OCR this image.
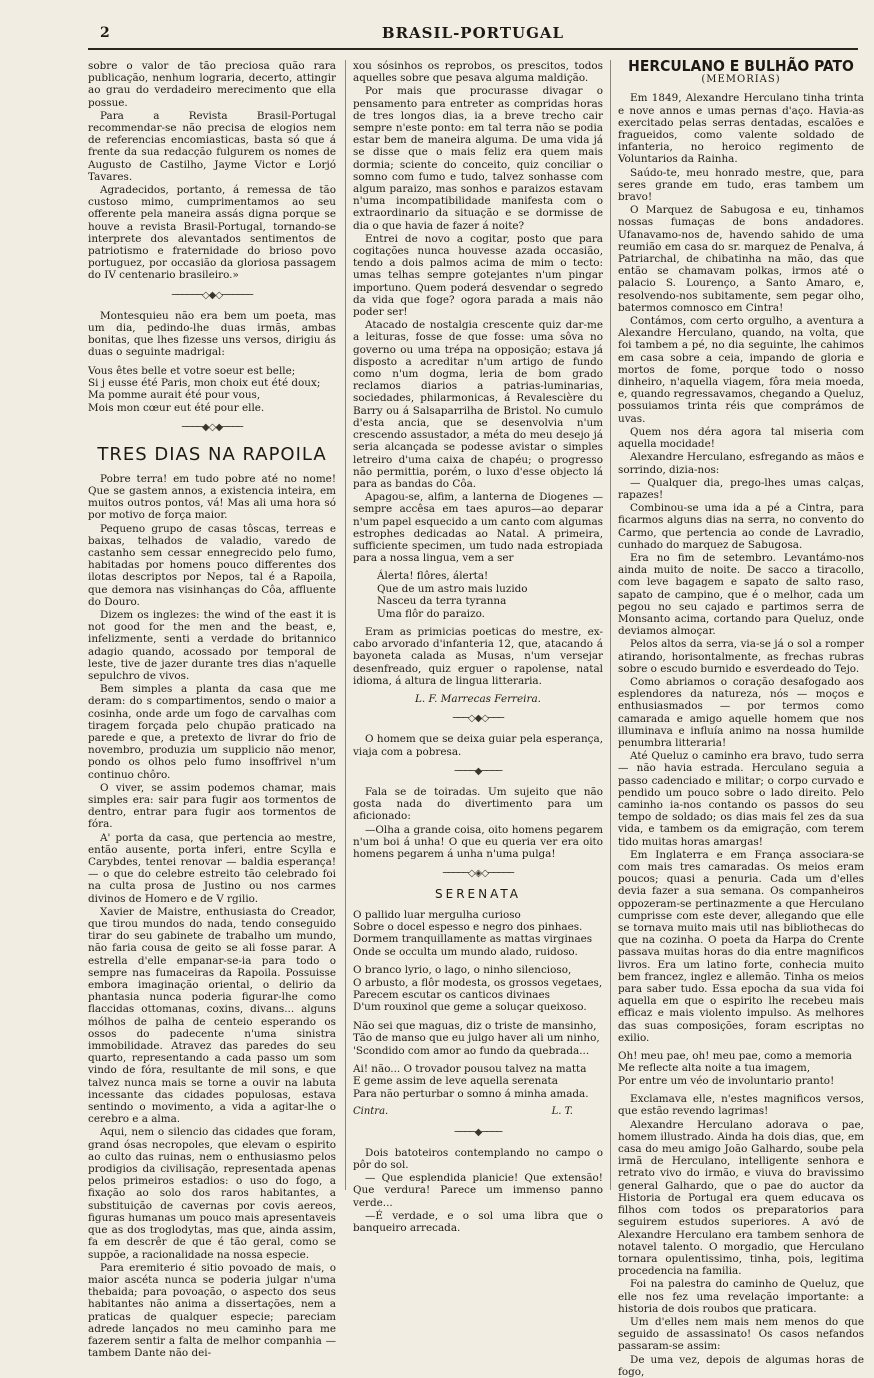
2	BRASIL-PORTUGAL

sobre o valor de tão preciosa quão rara publicação, nenhum lograria, decerto, attingir ao grau do verdadeiro merecimento que ella possue.

Para a Revista Brasil-Portugal recommendar-se não precisa de elogios nem de referencias encomiasticas, basta só que á frente da sua redacção fulgurem os nomes de Augusto de Castilho, Jayme Victor e Lorjó Tavares.

Agradecidos, portanto, á remessa de tão custoso mimo, cumprimentamos ao seu offerente pela maneira assás digna porque se houve a revista Brasil-Portugal, tornando-se interprete dos alevantados sentimentos de patriotismo e fraternidade do brioso povo portuguez, por occasião da gloriosa passagem do IV centenario brasileiro.»

──────◇◆◇──────

Montesquieu não era bem um poeta, mas um dia, pedindo-lhe duas irmãs, ambas bonitas, que lhes fizesse uns versos, dirigiu ás duas o seguinte madrigal:

Vous êtes belle et votre soeur est belle;
Si j eusse été Paris, mon choix eut été doux;
Ma pomme aurait été pour vous,
Mois mon cœur eut été pour elle.
────◆◇◆────
TRES DIAS NA RAPOILA

Pobre terra! em tudo pobre até no nome! Que se gastem annos, a existencia inteira, em muitos outros pontos, vá! Mas ali uma hora só por motivo de força maior.

Pequeno grupo de casas tôscas, terreas e baixas, telhados de valadio, varedo de castanho sem cessar ennegrecido pelo fumo, habitadas por homens pouco differentes dos ilotas descriptos por Nepos, tal é a Rapoila, que demora nas visinhanças do Côa, affluente do Douro.

Dizem os inglezes: the wind of the east it is not good for the men and the beast, e, infelizmente, senti a verdade do britannico adagio quando, acossado por temporal de leste, tive de jazer durante tres dias n'aquelle sepulchro de vivos.

Bem simples a planta da casa que me deram: do s compartimentos, sendo o maior a cosinha, onde arde um fogo de carvalhas com tiragem forçada pelo chupão praticado na parede e que, a pretexto de livrar do frio de novembro, produzia um supplicio não menor, pondo os olhos pelo fumo insoffrivel n'um continuo chôro.

O viver, se assim podemos chamar, mais simples era: sair para fugir aos tormentos de dentro, entrar para fugir aos tormentos de fóra.

A' porta da casa, que pertencia ao mestre, então ausente, porta inferi, entre Scylla e Carybdes, tentei renovar — baldia esperança! — o que do celebre estreito tão celebrado foi na culta prosa de Justino ou nos carmes divinos de Homero e de V rgilio.

Xavier de Maistre, enthusiasta do Creador, que tirou mundos do nada, tendo conseguido tirar do seu gabinete de trabalho um mundo, não faria cousa de geito se ali fosse parar. A estrella d'elle empanar-se-ia para todo o sempre nas fumaceiras da Rapoila. Possuisse embora imaginação oriental, o delirio da phantasia nunca poderia figurar-lhe como flaccidas ottomanas, coxins, divans... alguns mólhos de palha de centeio esperando os ossos do padecente n'uma sinistra immobilidade. Atravez das paredes do seu quarto, representando a cada passo um som vindo de fóra, resultante de mil sons, e que talvez nunca mais se torne a ouvir na labuta incessante das cidades populosas, estava sentindo o movimento, a vida a agitar-lhe o cerebro e a alma.

Aqui, nem o silencio das cidades que foram, grand ósas necropoles, que elevam o espirito ao culto das ruinas, nem o enthusiasmo pelos prodigios da civilisação, representada apenas pelos primeiros estadios: o uso do fogo, a fixação ao solo dos raros habitantes, a substituição de cavernas por covis aereos, figuras humanas um pouco mais apresentaveis que as dos troglodytas, mas que, ainda assim, fa em descrêr de que é tão geral, como se suppõe, a racionalidade na nossa especie.

Para eremiterio é sitio povoado de mais, o maior ascéta nunca se poderia julgar n'uma thebaida; para povoação, o aspecto dos seus habitantes não anima a dissertações, nem a praticas de qualquer especie; pareciam adrede lançados no meu caminho para me fazerem sentir a falta de melhor companhia — tambem Dante não dei-

xou sósinhos os reprobos, os prescitos, todos aquelles sobre que pesava alguma maldição.

Por mais que procurasse divagar o pensamento para entreter as compridas horas de tres longos dias, ia a breve trecho cair sempre n'este ponto: em tal terra não se podia estar bem de maneira alguma. De uma vida já se disse que o mais feliz era quem mais dormia; sciente do conceito, quiz conciliar o somno com fumo e tudo, talvez sonhasse com algum paraizo, mas sonhos e paraizos estavam n'uma incompatibilidade manifesta com o extraordinario da situação e se dormisse de dia o que havia de fazer á noite?

Entrei de novo a cogitar, posto que para cogitações nunca houvesse azada occasião, tendo a dois palmos acima de mim o tecto: umas telhas sempre gotejantes n'um pingar importuno. Quem poderá desvendar o segredo da vida que foge? ogora parada a mais não poder ser!

Atacado de nostalgia crescente quiz dar-me a leituras, fosse de que fosse: uma sôva no governo ou uma trépa na opposição; estava já disposto a acreditar n'um artigo de fundo como n'um dogma, leria de bom grado reclamos diarios a patrias-luminarias, sociedades, philarmonicas, á Revalescière du Barry ou á Salsaparrilha de Bristol. No cumulo d'esta ancia, que se desenvolvia n'um crescendo assustador, a méta do meu desejo já seria alcançada se podesse avistar o simples letreiro d'uma caixa de chapéu; o progresso não permittia, porém, o luxo d'esse objecto lá para as bandas do Côa.

Apagou-se, alfim, a lanterna de Diogenes — sempre accêsa em taes apuros—ao deparar n'um papel esquecido a um canto com algumas estrophes dedicadas ao Natal. A primeira, sufficiente specimen, um tudo nada estropiada para a nossa lingua, vem a ser

Álerta! flôres, álerta!
Que de um astro mais luzido
Nasceu da terra tyranna
Uma flôr do paraizo.

Eram as primicias poeticas do mestre, ex-cabo arvorado d'infanteria 12, que, atacando á bayoneta calada as Musas, n'um versejar desenfreado, quiz erguer o rapolense, natal idioma, á altura de lingua litteraria.

L. F. Marrecas Ferreira.
───◇◆◇───

O homem que se deixa guiar pela esperança, viaja com a pobresa.

────◆────

Fala se de toiradas. Um sujeito que não gosta nada do divertimento para um aficionado:

—Olha a grande coisa, oito homens pegarem n'um boi á unha! O que eu queria ver era oito homens pegarem á unha n'uma pulga!

─────◇◈◇─────
SERENATA
O pallido luar mergulha curioso
Sobre o docel espesso e negro dos pinhaes.
Dormem tranquillamente as mattas virginaes
Onde se occulta um mundo alado, ruidoso.
O branco lyrio, o lago, o ninho silencioso,
O arbusto, a flôr modesta, os grossos vegetaes,
Parecem escutar os canticos divinaes
D'um rouxinol que geme a soluçar queixoso.
Não sei que maguas, diz o triste de mansinho,
Tão de manso que eu julgo haver ali um ninho,
'Scondido com amor ao fundo da quebrada...
Ai! não... O trovador pousou talvez na matta
E geme assim de leve aquella serenata
Para não perturbar o somno á minha amada.
Cintra.	L. T.
────◆────

Dois batoteiros contemplando no campo o pôr do sol.

— Que esplendida planicie! Que extensão! Que verdura! Parece um immenso panno verde...

—É verdade, e o sol uma libra que o banqueiro arrecada.

HERCULANO E BULHÃO PATO
(MEMORIAS)

Em 1849, Alexandre Herculano tinha trinta e nove annos e umas pernas d'aço. Havia-as exercitado pelas serras dentadas, escalões e fragueidos, como valente soldado de infanteria, no heroico regimento de Voluntarios da Rainha.

Saúdo-te, meu honrado mestre, que, para seres grande em tudo, eras tambem um bravo!

O Marquez de Sabugosa e eu, tinhamos nossas fumaças de bons andadores. Ufanavamo-nos de, havendo sahido de uma reumião em casa do sr. marquez de Penalva, á Patriarchal, de chibatinha na mão, das que então se chamavam polkas, irmos até o palacio S. Lourenço, a Santo Amaro, e, resolvendo-nos subitamente, sem pegar olho, batermos comnosco em Cintra!

Contámos, com certo orgulho, a aventura a Alexandre Herculano, quando, na volta, que foi tambem a pé, no dia seguinte, lhe cahimos em casa sobre a ceia, impando de gloria e mortos de fome, porque todo o nosso dinheiro, n'aquella viagem, fôra meia moeda, e, quando regressavamos, chegando a Queluz, possuiamos trinta réis que comprámos de uvas.

Quem nos déra agora tal miseria com aquella mocidade!

Alexandre Herculano, esfregando as mãos e sorrindo, dizia-nos:

— Qualquer dia, prego-lhes umas calças, rapazes!

Combinou-se uma ida a pé a Cintra, para ficarmos alguns dias na serra, no convento do Carmo, que pertencia ao conde de Lavradio, cunhado do marquez de Sabugosa.

Era no fim de setembro. Levantámo-nos ainda muito de noite. De sacco a tiracollo, com leve bagagem e sapato de salto raso, sapato de campino, que é o melhor, cada um pegou no seu cajado e partimos serra de Monsanto acima, cortando para Queluz, onde deviamos almoçar.

Pelos altos da serra, via-se já o sol a romper atirando, horisontalmente, as frechas rubras sobre o escudo burnido e esverdeado do Tejo.

Como abriamos o coração desafogado aos esplendores da natureza, nós — moços e enthusiasmados — por termos como camarada e amigo aquelle homem que nos illuminava e influía animo na nossa humilde penumbra litteraria!

Até Queluz o caminho era bravo, tudo serra — não havia estrada. Herculano seguia a passo cadenciado e militar; o corpo curvado e pendido um pouco sobre o lado direito. Pelo caminho ia-nos contando os passos do seu tempo de soldado; os dias mais fel zes da sua vida, e tambem os da emigração, com terem tido muitas horas amargas!

Em Inglaterra e em França associara-se com mais tres camaradas. Os meios eram poucos; quasi a penuria. Cada um d'elles devia fazer a sua semana. Os companheiros oppozeram-se pertinazmente a que Herculano cumprisse com este dever, allegando que elle se tornava muito mais util nas bibliothecas do que na cozinha. O poeta da Harpa do Crente passava muitas horas do dia entre magnificos livros. Era um latino forte, conhecia muito bem francez, inglez e allemão. Tinha os meios para saber tudo. Essa epocha da sua vida foi aquella em que o espirito lhe recebeu mais efficaz e mais violento impulso. As melhores das suas composições, foram escriptas no exilio.

Oh! meu pae, oh! meu pae, como a memoria
Me reflecte alta noite a tua imagem,
Por entre um véo de involuntario pranto!

Exclamava elle, n'estes magnificos versos, que estão revendo lagrimas!

Alexandre Herculano adorava o pae, homem illustrado. Ainda ha dois dias, que, em casa do meu amigo João Galhardo, soube pela irmã de Herculano, intelligente senhora e retrato vivo do irmão, e viuva do bravissimo general Galhardo, que o pae do auctor da Historia de Portugal era quem educava os filhos com todos os preparatorios para seguirem estudos superiores. A avó de Alexandre Herculano era tambem senhora de notavel talento. O morgadio, que Herculano tornara opulentissimo, tinha, pois, legitima procedencia na familia.

Foi na palestra do caminho de Queluz, que elle nos fez uma revelação importante: a historia de dois roubos que praticara.

Um d'elles nem mais nem menos do que seguido de assassinato! Os casos nefandos passaram-se assim:

De uma vez, depois de algumas horas de fogo,
